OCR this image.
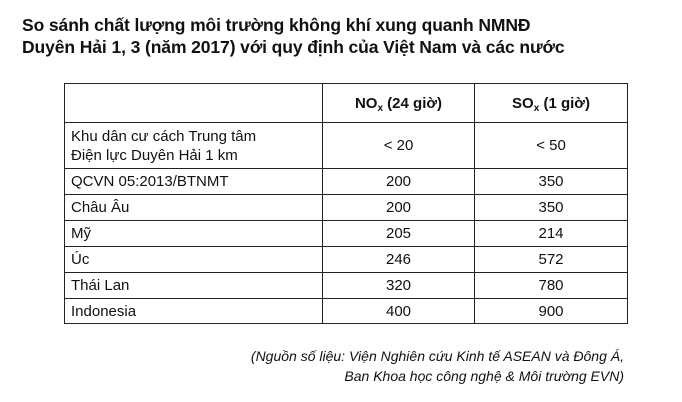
So sánh chất lượng môi trường không khí xung quanh NMNĐ
Duyên Hải 1, 3 (năm 2017) với quy định của Việt Nam và các nước
	$NO_x$ (24 giờ)	$SO_x$ (1 giờ)
Khu dân cư cách Trung tâm
Điện lực Duyên Hải 1 km	< 20	< 50
QCVN 05:2013/BTNMT	200	350
Châu Âu	200	350
Mỹ	205	214
Úc	246	572
Thái Lan	320	780
Indonesia	400	900

(Nguồn số liệu: Viện Nghiên cứu Kinh tế ASEAN và Đông Á,
Ban Khoa học công nghệ & Môi trường EVN)
